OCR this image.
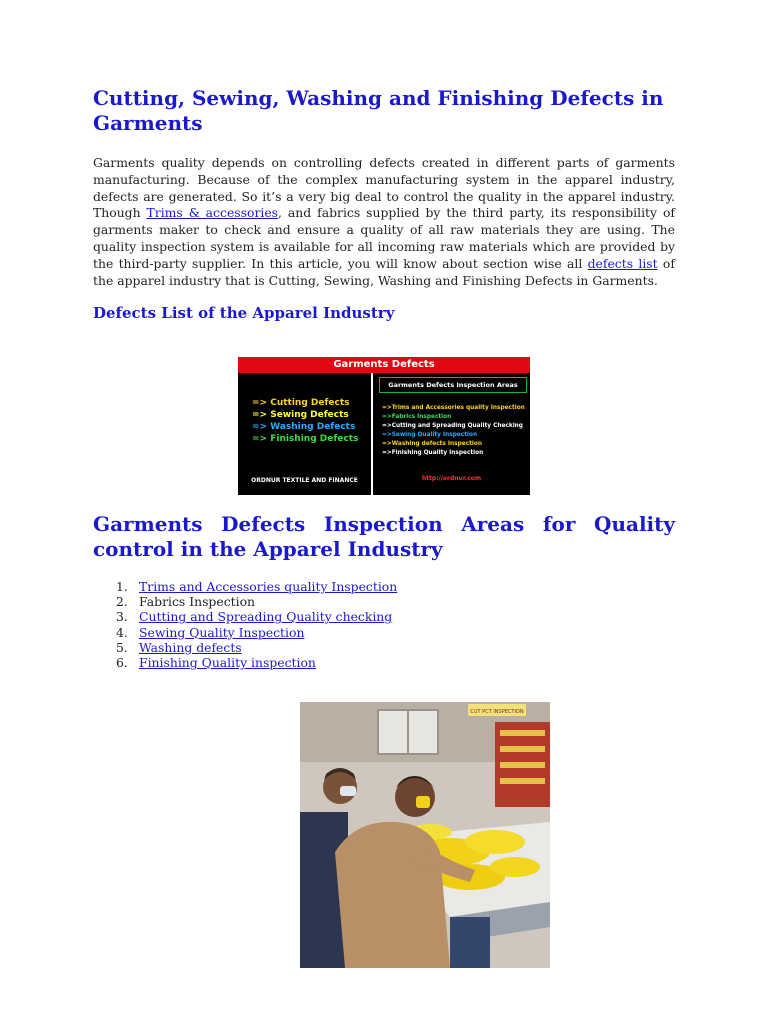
Cutting, Sewing, Washing and Finishing Defects in Garments

Garments quality depends on controlling defects created in different parts of garments manufacturing. Because of the complex manufacturing system in the apparel industry, defects are generated. So it’s a very big deal to control the quality in the apparel industry. Though Trims & accessories, and fabrics supplied by the third party, its responsibility of garments maker to check and ensure a quality of all raw materials they are using. The quality inspection system is available for all incoming raw materials which are provided by the third-party supplier. In this article, you will know about section wise all defects list of the apparel industry that is Cutting, Sewing, Washing and Finishing Defects in Garments.

Defects List of the Apparel Industry
Garments Defects
=> Cutting Defects
=> Sewing Defects
=> Washing Defects
=> Finishing Defects
ORDNUR TEXTILE AND FINANCE
Garments Defects Inspection Areas
=>Trims and Accessories quality Inspection
=>Fabrics Inspection
=>Cutting and Spreading Quality Checking
=>Sewing Quality Inspection
=>Washing defects Inspection
=>Finishing Quality Inspection
http://ordnur.com
Garments Defects Inspection Areas for Quality control in the Apparel Industry
1. Trims and Accessories quality Inspection
2. Fabrics Inspection
3. Cutting and Spreading Quality checking
4. Sewing Quality Inspection
5. Washing defects
6. Finishing Quality inspection
CUT PCT INSPECTION
